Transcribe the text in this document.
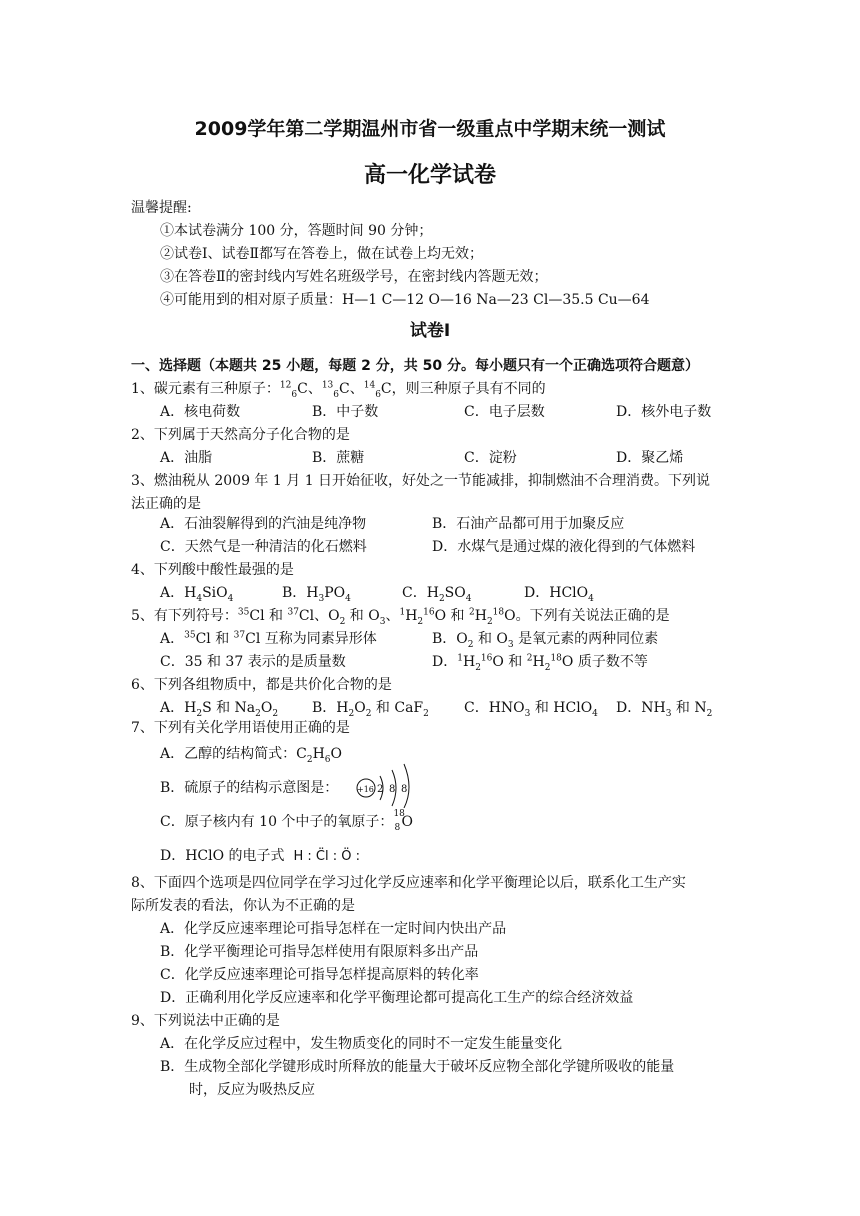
2009学年第二学期温州市省一级重点中学期末统一测试
高一化学试卷
温馨提醒:
①本试卷满分 100 分，答题时间 90 分钟；
②试卷Ⅰ、试卷Ⅱ都写在答卷上，做在试卷上均无效；
③在答卷Ⅱ的密封线内写姓名班级学号，在密封线内答题无效；
④可能用到的相对原子质量：H—1 C—12 O—16 Na—23 Cl—35.5 Cu—64
试卷Ⅰ
一、选择题（本题共 25 小题，每题 2 分，共 50 分。每小题只有一个正确选项符合题意）
1、碳元素有三种原子：$^{12}_6$C、$^{13}_6$C、$^{14}_6$C，则三种原子具有不同的
A．核电荷数	B．中子数	C．电子层数	D．核外电子数
2、下列属于天然高分子化合物的是
A．油脂	B．蔗糖	C．淀粉	D．聚乙烯
3、燃油税从 2009 年 1 月 1 日开始征收，好处之一节能减排，抑制燃油不合理消费。下列说
法正确的是
A．石油裂解得到的汽油是纯净物	B．石油产品都可用于加聚反应
C．天然气是一种清洁的化石燃料	D．水煤气是通过煤的液化得到的气体燃料
4、下列酸中酸性最强的是
A．$H_4SiO_4$	B．$H_3PO_4$	C．$H_2SO_4$	D．HClO$_4$
5、有下列符号：$^{35}$Cl 和 $^{37}$Cl、$O_2$ 和 $O_3$、$^1H_2^{16}O$ 和 $^2H_2^{18}O$。下列有关说法正确的是
A．$^{35}$Cl 和 $^{37}$Cl 互称为同素异形体	B．$O_2$ 和 $O_3$ 是氧元素的两种同位素
C．35 和 37 表示的是质量数	D．$^1H_2^{16}O$ 和 $^2H_2^{18}O$ 质子数不等
6、下列各组物质中，都是共价化合物的是
A．$H_2S$ 和 $Na_2O_2$ B．$H_2O_2$ 和 CaF$_2$	C．$HNO_3$ 和 HClO$_4$ D．$NH_3$ 和 $N_2$
7、下列有关化学用语使用正确的是
A．乙醇的结构简式：$C_2H_6O$
B．硫原子的结构示意图是： +16 2 8 8
C．原子核内有 10 个中子的氧原子： 18
8 O
D．HClO 的电子式 H : C̈l : Ö :
8、下面四个选项是四位同学在学习过化学反应速率和化学平衡理论以后，联系化工生产实
际所发表的看法，你认为不正确的是
A．化学反应速率理论可指导怎样在一定时间内快出产品
B．化学平衡理论可指导怎样使用有限原料多出产品
C．化学反应速率理论可指导怎样提高原料的转化率
D．正确利用化学反应速率和化学平衡理论都可提高化工生产的综合经济效益
9、下列说法中正确的是
A．在化学反应过程中，发生物质变化的同时不一定发生能量变化
B．生成物全部化学键形成时所释放的能量大于破坏反应物全部化学键所吸收的能量
时，反应为吸热反应
